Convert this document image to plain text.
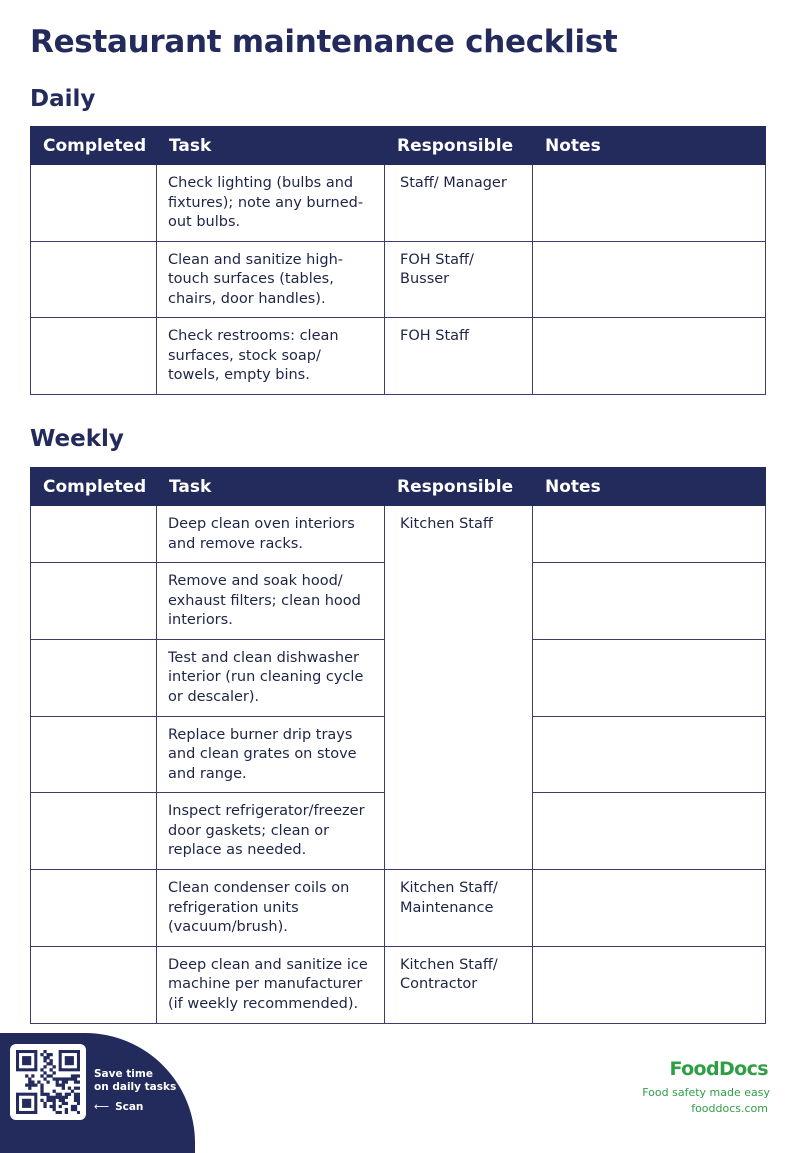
Restaurant maintenance checklist
Daily
Completed	Task	Responsible	Notes
	Check lighting (bulbs and fixtures); note any burned-out bulbs.	Staff/ Manager	
	Clean and sanitize high-touch surfaces (tables, chairs, door handles).	FOH Staff/ Busser	
	Check restrooms: clean surfaces, stock soap/ towels, empty bins.	FOH Staff	
Weekly
Completed	Task	Responsible	Notes
	Deep clean oven interiors and remove racks.	Kitchen Staff	
	Remove and soak hood/ exhaust filters; clean hood interiors.		
	Test and clean dishwasher interior (run cleaning cycle or descaler).		
	Replace burner drip trays and clean grates on stove and range.		
	Inspect refrigerator/freezer door gaskets; clean or replace as needed.		
	Clean condenser coils on refrigeration units (vacuum/brush).	Kitchen Staff/ Maintenance	
	Deep clean and sanitize ice machine per manufacturer (if weekly recommended).	Kitchen Staff/ Contractor	
Save time
on daily tasks
⟵ Scan
FoodDocs
Food safety made easy
fooddocs.com
